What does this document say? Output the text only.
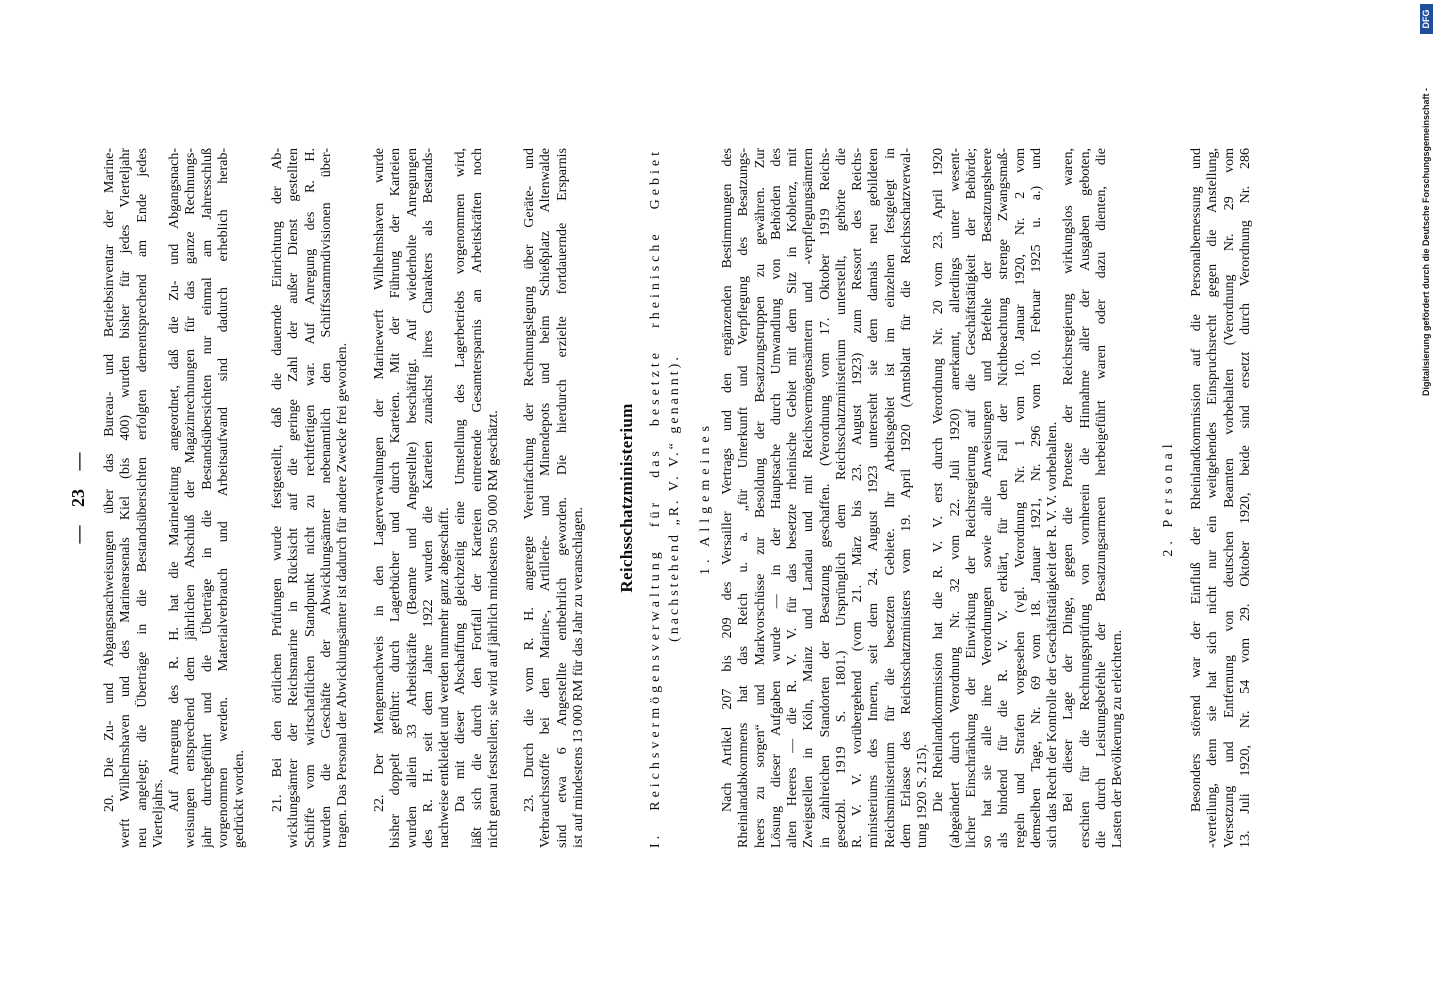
— 23 — 20. Die Zu- und Abgangsnachweisungen über das Bureau- und Betriebsinventar der Marine- werft Wilhelmshaven und des Marinearsenals Kiel (bis 400) wurden bisher für jedes Vierteljahr neu angelegt; die Überträge in die Bestandsübersichten erfolgten dementsprechend am Ende jedes Vierteljahrs.
Auf Anregung des R. H. hat die Marineleitung angeordnet, daß die Zu- und Abgangsnach- weisungen entsprechend dem jährlichen Abschluß der Magazinrechnungen für das ganze Rechnungs- jahr durchgeführt und die Überträge in die Bestandsübersichten nur einmal am Jahresschluß vorgenommen werden. Materialverbrauch und Arbeitsaufwand sind dadurch erheblich herab- gedrückt worden. 21. Bei den örtlichen Prüfungen wurde festgestellt, daß die dauernde Einrichtung der Ab- wicklungsämter der Reichsmarine in Rücksicht auf die geringe Zahl der außer Dienst gestellten Schiffe vom wirtschaftlichen Standpunkt nicht zu rechtfertigen war. Auf Anregung des R. H. wurden die Geschäfte der Abwicklungsämter nebenamtlich den Schiffsstammdivisionen über- tragen. Das Personal der Abwicklungsämter ist dadurch für andere Zwecke frei geworden. 22. Der Mengennachweis in den Lagerverwaltungen der Marinewerft Wilhelmshaven wurde bisher doppelt geführt: durch Lagerbücher und durch Karteien. Mit der Führung der Karteien wurden allein 33 Arbeitskräfte (Beamte und Angestellte) beschäftigt. Auf wiederholte Anregungen des R. H. seit dem Jahre 1922 wurden die Karteien zunächst ihres Charakters als Bestands- nachweise entkleidet und werden nunmehr ganz abgeschafft. Da mit dieser Abschaffung gleichzeitig eine Umstellung des Lagerbetriebs vorgenommen wird, läßt sich die durch den Fortfall der Karteien eintretende Gesamtersparnis an Arbeitskräften noch nicht genau feststellen; sie wird auf jährlich mindestens 50 000 RM geschätzt. 23. Durch die vom R. H. angeregte Vereinfachung der Rechnungslegung über Geräte- und Verbrauchsstoffe bei den Marine-, Artillerie- und Minendepots und beim Schießplatz Altenwalde sind etwa 6 Angestellte entbehrlich geworden. Die hierdurch erzielte fortdauernde Ersparnis ist auf mindestens 13 000 RM für das Jahr zu veranschlagen.
Reichsschatzministerium I. Reichsvermögensverwaltung für das besetzte rheinische Gebiet (nachstehend „R. V. V.“ genannt). 1. Allgemeines Nach Artikel 207 bis 209 des Versailler Vertrags und den ergänzenden Bestimmungen des Rheinlandabkommens hat das Reich u. a. „für Unterkunft und Verpflegung des Besatzungs- heers zu sorgen“ und Markvorschüsse zur Besoldung der Besatzungstruppen zu gewähren. Zur Lösung dieser Aufgaben wurde — in der Hauptsache durch Umwandlung von Behörden des alten Heeres — die R. V. V. für das besetzte rheinische Gebiet mit dem Sitz in Koblenz, mit Zweigstellen in Köln, Mainz und Landau und mit Reichsvermögensämtern und -verpflegungsämtern in zahlreichen Standorten der Besatzung geschaffen. (Verordnung vom 17. Oktober 1919 Reichs- gesetzbl. 1919 S. 1801.) Ursprünglich dem Reichsschatzministerium unterstellt, gehörte die R. V. V. vorübergehend (vom 21. März bis 23. August 1923) zum Ressort des Reichs- ministeriums des Innern, seit dem 24. August 1923 untersteht sie dem damals neu gebildeten Reichsministerium für die besetzten Gebiete. Ihr Arbeitsgebiet ist im einzelnen festgelegt in dem Erlasse des Reichsschatzministers vom 19. April 1920 (Amtsblatt für die Reichsschatzverwal- tung 1920 S. 215). Die Rheinlandkommission hat die R. V. V. erst durch Verordnung Nr. 20 vom 23. April 1920 (abgeändert durch Verordnung Nr. 32 vom 22. Juli 1920) anerkannt, allerdings unter wesent- licher Einschränkung der Einwirkung der Reichsregierung auf die Geschäftstätigkeit der Behörde; so hat sie alle ihre Verordnungen sowie alle Anweisungen und Befehle der Besatzungsheere als bindend für die R. V. V. erklärt, für den Fall der Nichtbeachtung strenge Zwangsmaß- regeln und Strafen vorgesehen (vgl. Verordnung Nr. 1 vom 10. Januar 1920, Nr. 2 vom demselben Tage, Nr. 69 vom 18. Januar 1921, Nr. 296 vom 10. Februar 1925 u. a.) und sich das Recht der Kontrolle der Geschäftstätigkeit der R. V. V. vorbehalten. Bei dieser Lage der Dinge, gegen die Proteste der Reichsregierung wirkungslos waren, erschien für die Rechnungsprüfung von vornherein die Hinnahme aller der Ausgaben geboten, die durch Leistungsbefehle der Besatzungsarmeen herbeigeführt waren oder dazu dienten, die Lasten der Bevölkerung zu erleichtern.
2. Personal Besonders störend war der Einfluß der Rheinlandkommission auf die Personalbemessung und -verteilung, denn sie hat sich nicht nur ein weitgehendes Einspruchsrecht gegen die Anstellung, Versetzung und Entfernung von deutschen Beamten vorbehalten (Verordnung Nr. 29 vom 13. Juli 1920, Nr. 54 vom 29. Oktober 1920, beide sind ersetzt durch Verordnung Nr. 286	Digitalisierung gefördert durch die Deutsche Forschungsgemeinschaft -
DFG
